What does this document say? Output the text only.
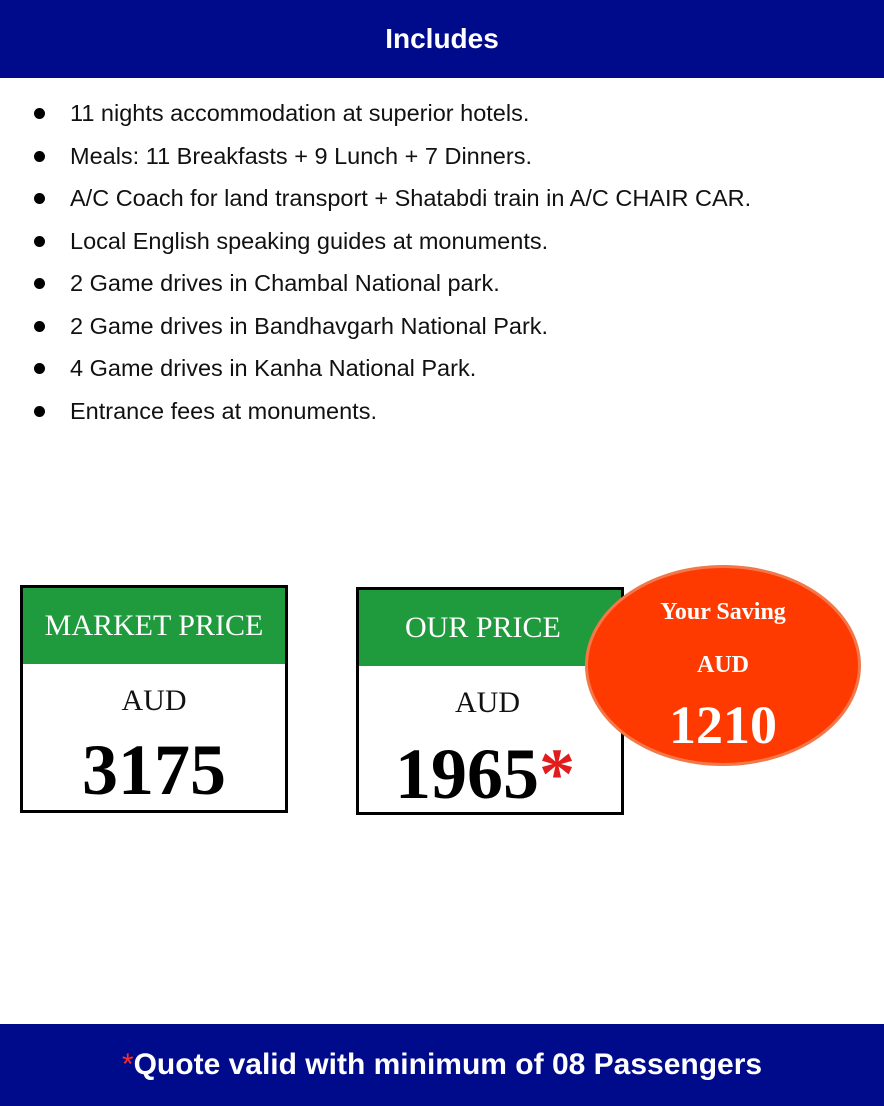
Includes
11 nights accommodation at superior hotels.
Meals: 11 Breakfasts + 9 Lunch + 7 Dinners.
A/C Coach for land transport + Shatabdi train in A/C CHAIR CAR.
Local English speaking guides at monuments.
2 Game drives in Chambal National park.
2 Game drives in Bandhavgarh National Park.
4 Game drives in Kanha National Park.
Entrance fees at monuments.
MARKET PRICE
AUD
3175
OUR PRICE
AUD
1965*
Your Saving
AUD
1210
* Quote valid with minimum of 08 Passengers
